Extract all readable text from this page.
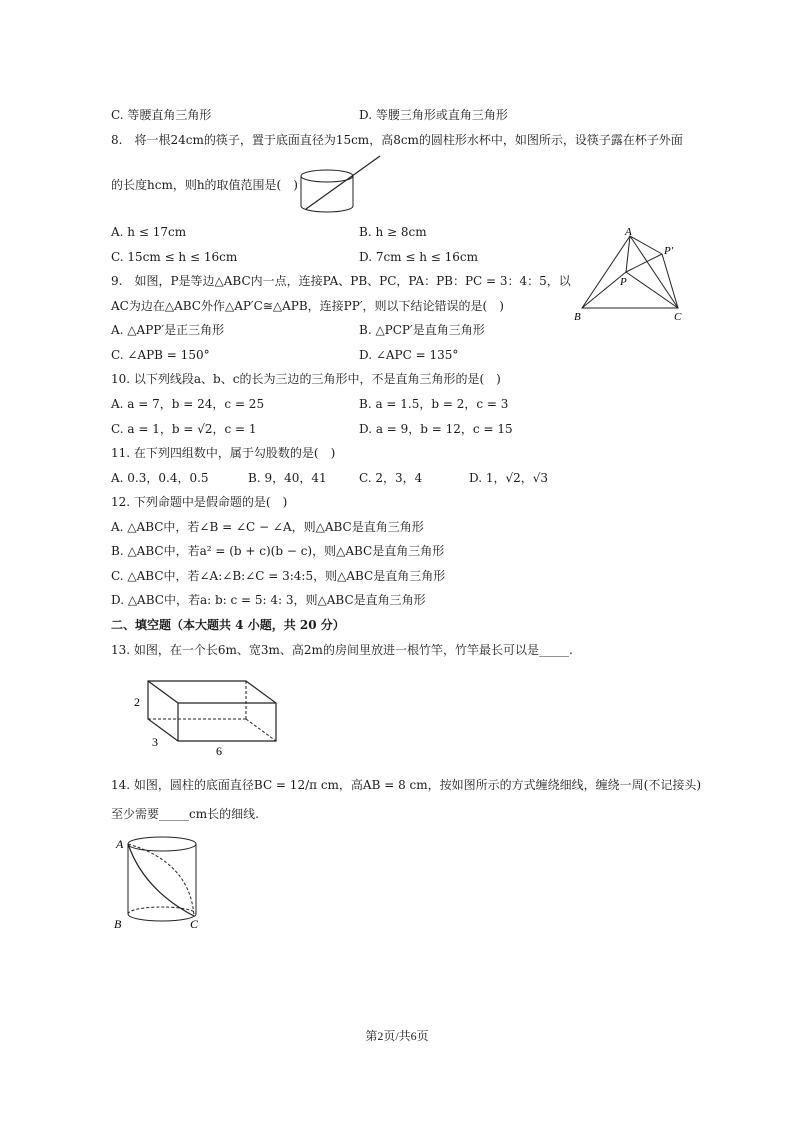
C. 等腰直角三角形	D. 等腰三角形或直角三角形
8.　将一根24cm的筷子，置于底面直径为15cm，高8cm的圆柱形水杯中，如图所示，设筷子露在杯子外面
的长度hcm，则h的取值范围是(　)
A. h ≤ 17cm	B. h ≥ 8cm
C. 15cm ≤ h ≤ 16cm	D. 7cm ≤ h ≤ 16cm
A
B	C
P
P′
9.　如图，P是等边△ABC内一点，连接PA、PB、PC，PA：PB：PC = 3：4：5，以
AC为边在△ABC外作△AP′C≅△APB，连接PP′，则以下结论错误的是(　)
A. △APP′是正三角形	B. △PCP′是直角三角形
C. ∠APB = 150°	D. ∠APC = 135°
10. 以下列线段a、b、c的长为三边的三角形中，不是直角三角形的是(　)
A. a = 7，b = 24，c = 25	B. a = 1.5，b = 2，c = 3
C. a = 1，b = √2，c = 1	D. a = 9，b = 12，c = 15
11. 在下列四组数中，属于勾股数的是(　)
A. 0.3，0.4，0.5	B. 9，40，41	C. 2，3，4	D. 1，√2，√3
12. 下列命题中是假命题的是(　)
A. △ABC中，若∠B = ∠C − ∠A，则△ABC是直角三角形
B. △ABC中，若a² = (b + c)(b − c)，则△ABC是直角三角形
C. △ABC中，若∠A:∠B:∠C = 3:4:5，则△ABC是直角三角形
D. △ABC中，若a: b: c = 5: 4: 3，则△ABC是直角三角形
二、填空题（本大题共 4 小题，共 20 分）
13. 如图，在一个长6m、宽3m、高2m的房间里放进一根竹竿，竹竿最长可以是_____.
2
3
6
14. 如图，圆柱的底面直径BC = 12/π cm，高AB = 8 cm，按如图所示的方式缠绕细线，缠绕一周(不记接头)
至少需要_____cm长的细线.
A
B	C
第2页/共6页
